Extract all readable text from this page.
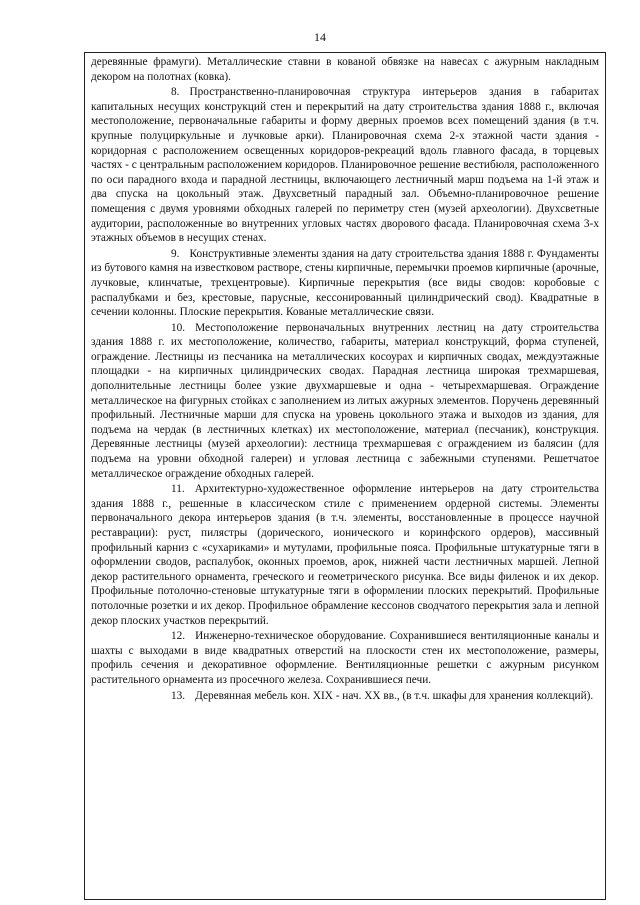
14

деревянные фрамуги). Металлические ставни в кованой обвязке на навесах с ажурным накладным декором на полотнах (ковка).

8. Пространственно-планировочная структура интерьеров здания в габаритах капитальных несущих конструкций стен и перекрытий на дату строительства здания 1888 г., включая местоположение, первоначальные габариты и форму дверных проемов всех помещений здания (в т.ч. крупные полуциркульные и лучковые арки). Планировочная схема 2-х этажной части здания - коридорная с расположением освещенных коридоров-рекреаций вдоль главного фасада, в торцевых частях - с центральным расположением коридоров. Планировочное решение вестибюля, расположенного по оси парадного входа и парадной лестницы, включающего лестничный марш подъема на 1-й этаж и два спуска на цокольный этаж. Двухсветный парадный зал. Объемно-планировочное решение помещения с двумя уровнями обходных галерей по периметру стен (музей археологии). Двухсветные аудитории, расположенные во внутренних угловых частях дворового фасада. Планировочная схема 3-х этажных объемов в несущих стенах.

9. Конструктивные элементы здания на дату строительства здания 1888 г. Фундаменты из бутового камня на известковом растворе, стены кирпичные, перемычки проемов кирпичные (арочные, лучковые, клинчатые, трехцентровые). Кирпичные перекрытия (все виды сводов: коробовые с распалубками и без, крестовые, парусные, кессонированный цилиндрический свод). Квадратные в сечении колонны. Плоские перекрытия. Кованые металлические связи.

10. Местоположение первоначальных внутренних лестниц на дату строительства здания 1888 г. их местоположение, количество, габариты, материал конструкций, форма ступеней, ограждение. Лестницы из песчаника на металлических косоурах и кирпичных сводах, междуэтажные площадки - на кирпичных цилиндрических сводах. Парадная лестница широкая трехмаршевая, дополнительные лестницы более узкие двухмаршевые и одна - четырехмаршевая. Ограждение металлическое на фигурных стойках с заполнением из литых ажурных элементов. Поручень деревянный профильный. Лестничные марши для спуска на уровень цокольного этажа и выходов из здания, для подъема на чердак (в лестничных клетках) их местоположение, материал (песчаник), конструкция. Деревянные лестницы (музей археологии): лестница трехмаршевая с ограждением из балясин (для подъема на уровни обходной галереи) и угловая лестница с забежными ступенями. Решетчатое металлическое ограждение обходных галерей.

11. Архитектурно-художественное оформление интерьеров на дату строительства здания 1888 г., решенные в классическом стиле с применением ордерной системы. Элементы первоначального декора интерьеров здания (в т.ч. элементы, восстановленные в процессе научной реставрации): руст, пилястры (дорического, ионического и коринфского ордеров), массивный профильный карниз с «сухариками» и мутулами, профильные пояса. Профильные штукатурные тяги в оформлении сводов, распалубок, оконных проемов, арок, нижней части лестничных маршей. Лепной декор растительного орнамента, греческого и геометрического рисунка. Все виды филенок и их декор. Профильные потолочно-стеновые штукатурные тяги в оформлении плоских перекрытий. Профильные потолочные розетки и их декор. Профильное обрамление кессонов сводчатого перекрытия зала и лепной декор плоских участков перекрытий.

12. Инженерно-техническое оборудование. Сохранившиеся вентиляционные каналы и шахты с выходами в виде квадратных отверстий на плоскости стен их местоположение, размеры, профиль сечения и декоративное оформление. Вентиляционные решетки с ажурным рисунком растительного орнамента из просечного железа. Сохранившиеся печи.

13. Деревянная мебель кон. XIX - нач. XX вв., (в т.ч. шкафы для хранения коллекций).
